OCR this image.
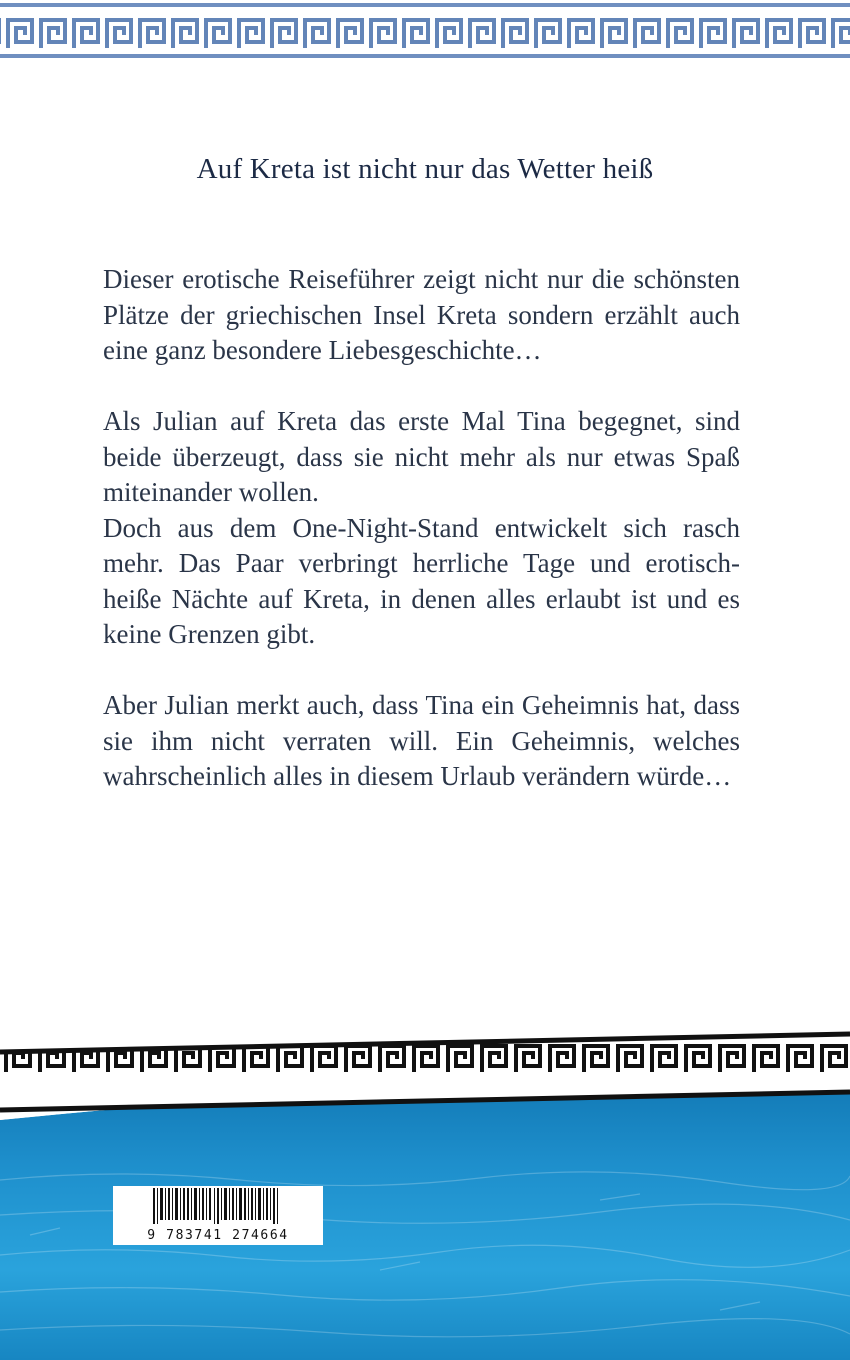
Auf Kreta ist nicht nur das Wetter heiß

Dieser erotische Reiseführer zeigt nicht nur die schönsten Plätze der griechischen Insel Kreta sondern erzählt auch eine ganz besondere Liebesgeschichte…

Als Julian auf Kreta das erste Mal Tina begegnet, sind beide überzeugt, dass sie nicht mehr als nur etwas Spaß miteinander wollen.

Doch aus dem One-Night-Stand entwickelt sich rasch mehr. Das Paar verbringt herrliche Tage und erotisch-heiße Nächte auf Kreta, in denen alles erlaubt ist und es keine Grenzen gibt.

Aber Julian merkt auch, dass Tina ein Geheimnis hat, dass sie ihm nicht verraten will. Ein Geheimnis, welches wahrscheinlich alles in diesem Urlaub verändern würde…

9 783741 274664
